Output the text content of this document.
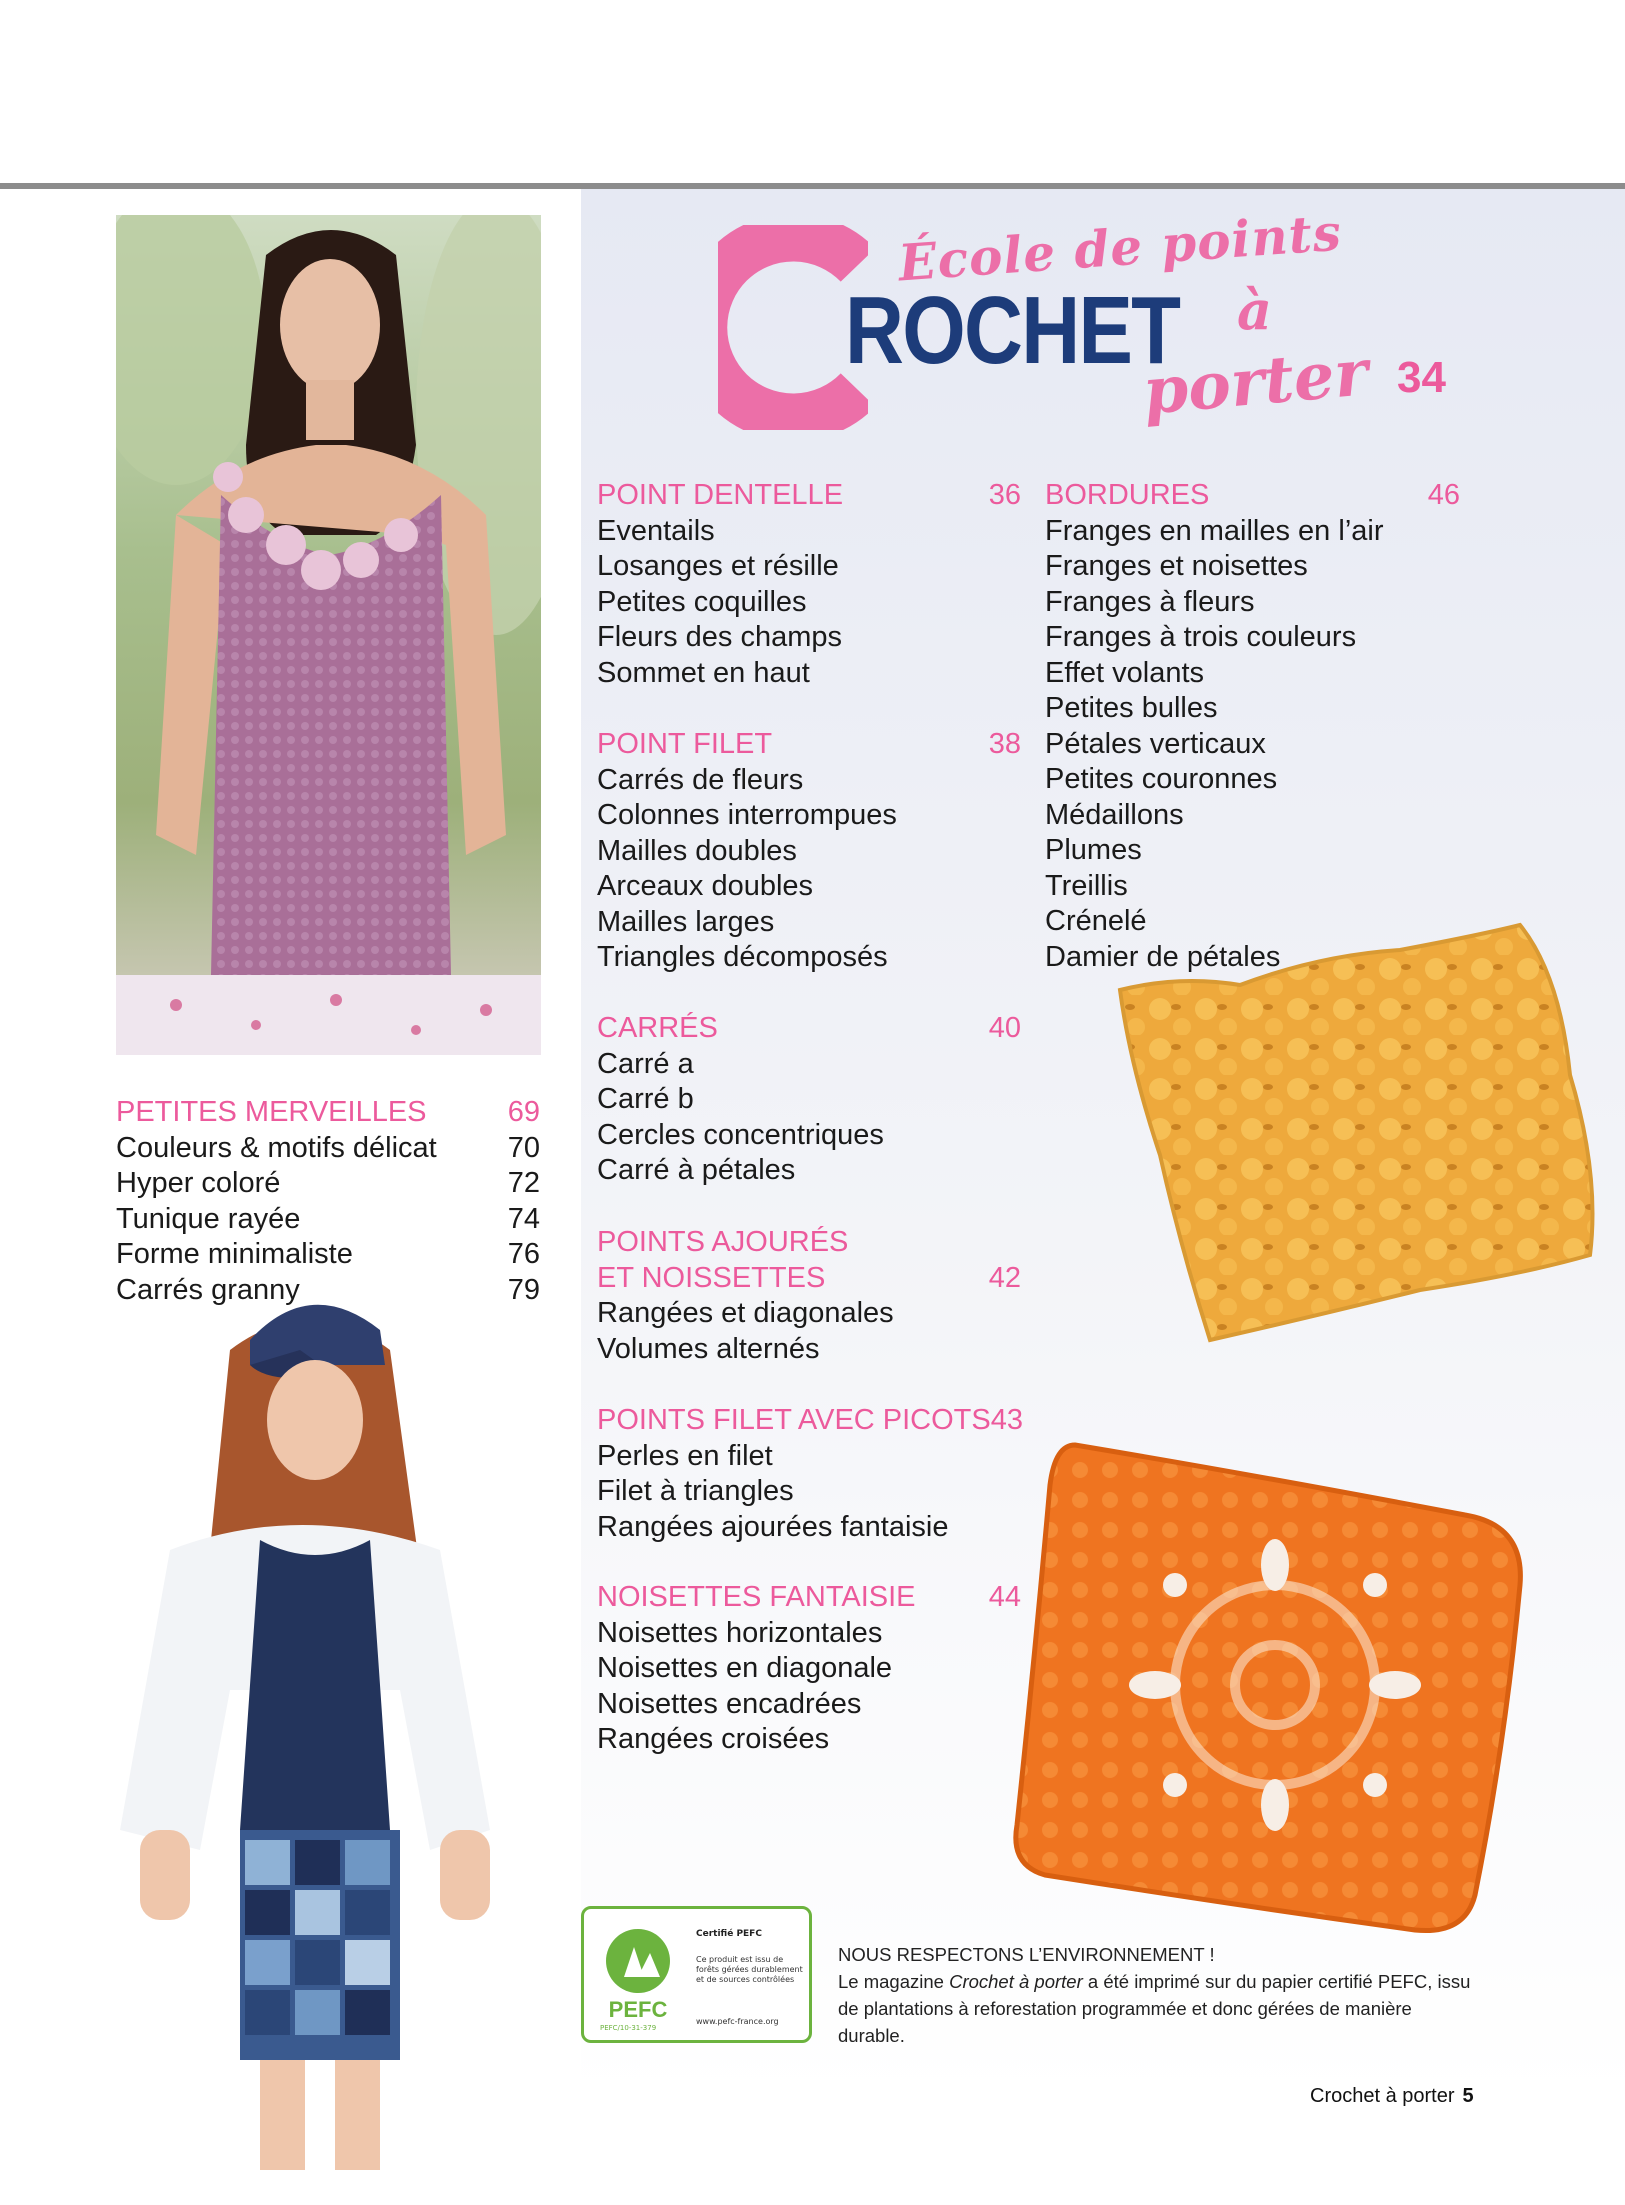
École de points
ROCHET à
porter 34
POINT DENTELLE	36
Eventails
Losanges et résille
Petites coquilles
Fleurs des champs
Sommet en haut
POINT FILET	38
Carrés de fleurs
Colonnes interrompues
Mailles doubles
Arceaux doubles
Mailles larges
Triangles décomposés
CARRÉS	40
Carré a
Carré b
Cercles concentriques
Carré à pétales
POINTS AJOURÉS
ET NOISSETTES	42
Rangées et diagonales
Volumes alternés
POINTS FILET AVEC PICOTS 43
Perles en filet
Filet à triangles
Rangées ajourées fantaisie
NOISETTES FANTAISIE	44
Noisettes horizontales
Noisettes en diagonale
Noisettes encadrées
Rangées croisées
BORDURES	46
Franges en mailles en l’air
Franges et noisettes
Franges à fleurs
Franges à trois couleurs
Effet volants
Petites bulles
Pétales verticaux
Petites couronnes
Médaillons
Plumes
Treillis
Crénelé
Damier de pétales
PETITES MERVEILLES	69
Couleurs & motifs délicat 70
Hyper coloré	72
Tunique rayée	74
Forme minimaliste	76
Carrés granny	79
PEFC
Certifié PEFC
Ce produit est issu de forêts gérées durablement et de sources contrôlées
www.pefc-france.org
PEFC/10-31-379

NOUS RESPECTONS L’ENVIRONNEMENT !

Le magazine Crochet à porter a été imprimé sur du papier certifié PEFC, issu de plantations à reforestation programmée et donc gérées de manière durable.

Crochet à porter 5
